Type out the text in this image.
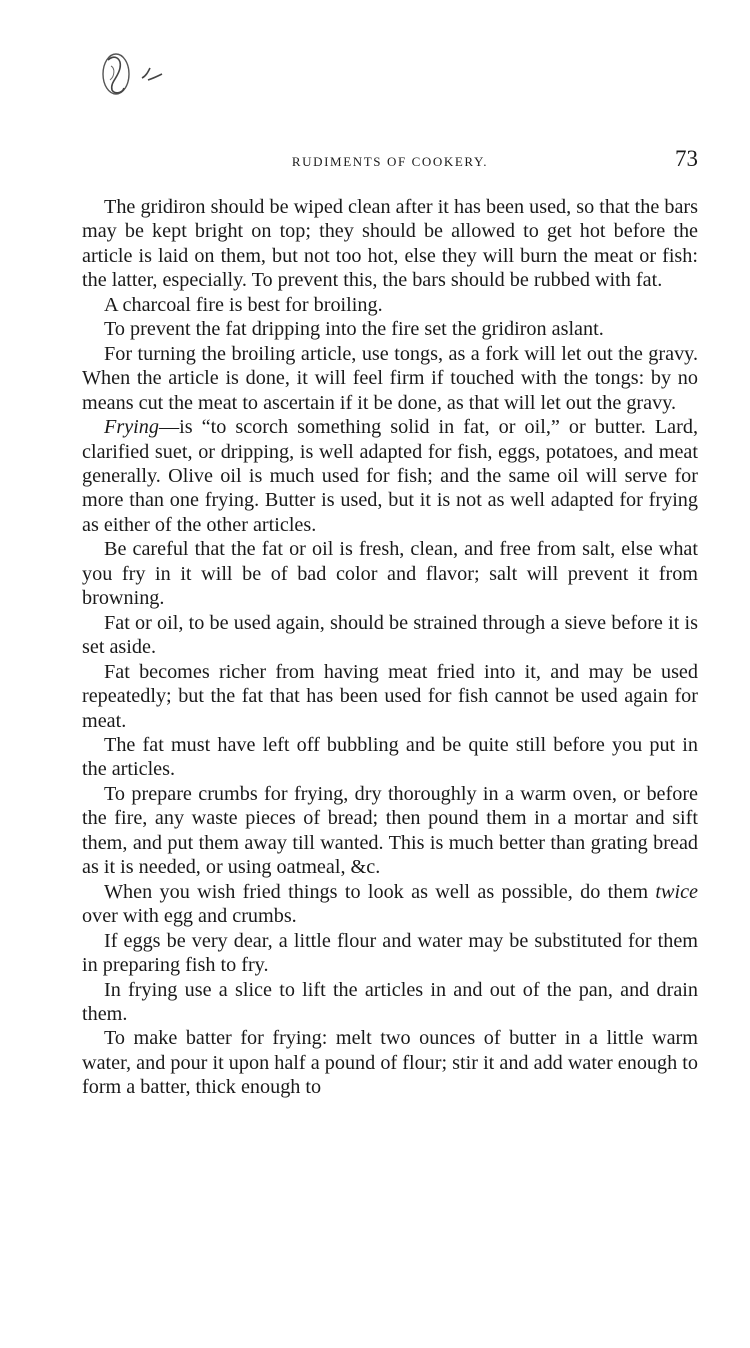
RUDIMENTS OF COOKERY.	73

The gridiron should be wiped clean after it has been used, so that the bars may be kept bright on top; they should be allowed to get hot before the article is laid on them, but not too hot, else they will burn the meat or fish: the latter, especially. To prevent this, the bars should be rubbed with fat.

A charcoal fire is best for broiling.

To prevent the fat dripping into the fire set the gridiron aslant.

For turning the broiling article, use tongs, as a fork will let out the gravy. When the article is done, it will feel firm if touched with the tongs: by no means cut the meat to ascertain if it be done, as that will let out the gravy.

Frying—is “to scorch something solid in fat, or oil,” or butter. Lard, clarified suet, or dripping, is well adapted for fish, eggs, potatoes, and meat generally. Olive oil is much used for fish; and the same oil will serve for more than one frying. Butter is used, but it is not as well adapted for frying as either of the other articles.

Be careful that the fat or oil is fresh, clean, and free from salt, else what you fry in it will be of bad color and flavor; salt will prevent it from browning.

Fat or oil, to be used again, should be strained through a sieve before it is set aside.

Fat becomes richer from having meat fried into it, and may be used repeatedly; but the fat that has been used for fish cannot be used again for meat.

The fat must have left off bubbling and be quite still before you put in the articles.

To prepare crumbs for frying, dry thoroughly in a warm oven, or before the fire, any waste pieces of bread; then pound them in a mortar and sift them, and put them away till wanted. This is much better than grating bread as it is needed, or using oatmeal, &c.

When you wish fried things to look as well as possible, do them twice over with egg and crumbs.

If eggs be very dear, a little flour and water may be substituted for them in preparing fish to fry.

In frying use a slice to lift the articles in and out of the pan, and drain them.

To make batter for frying: melt two ounces of butter in a little warm water, and pour it upon half a pound of flour; stir it and add water enough to form a batter, thick enough to
